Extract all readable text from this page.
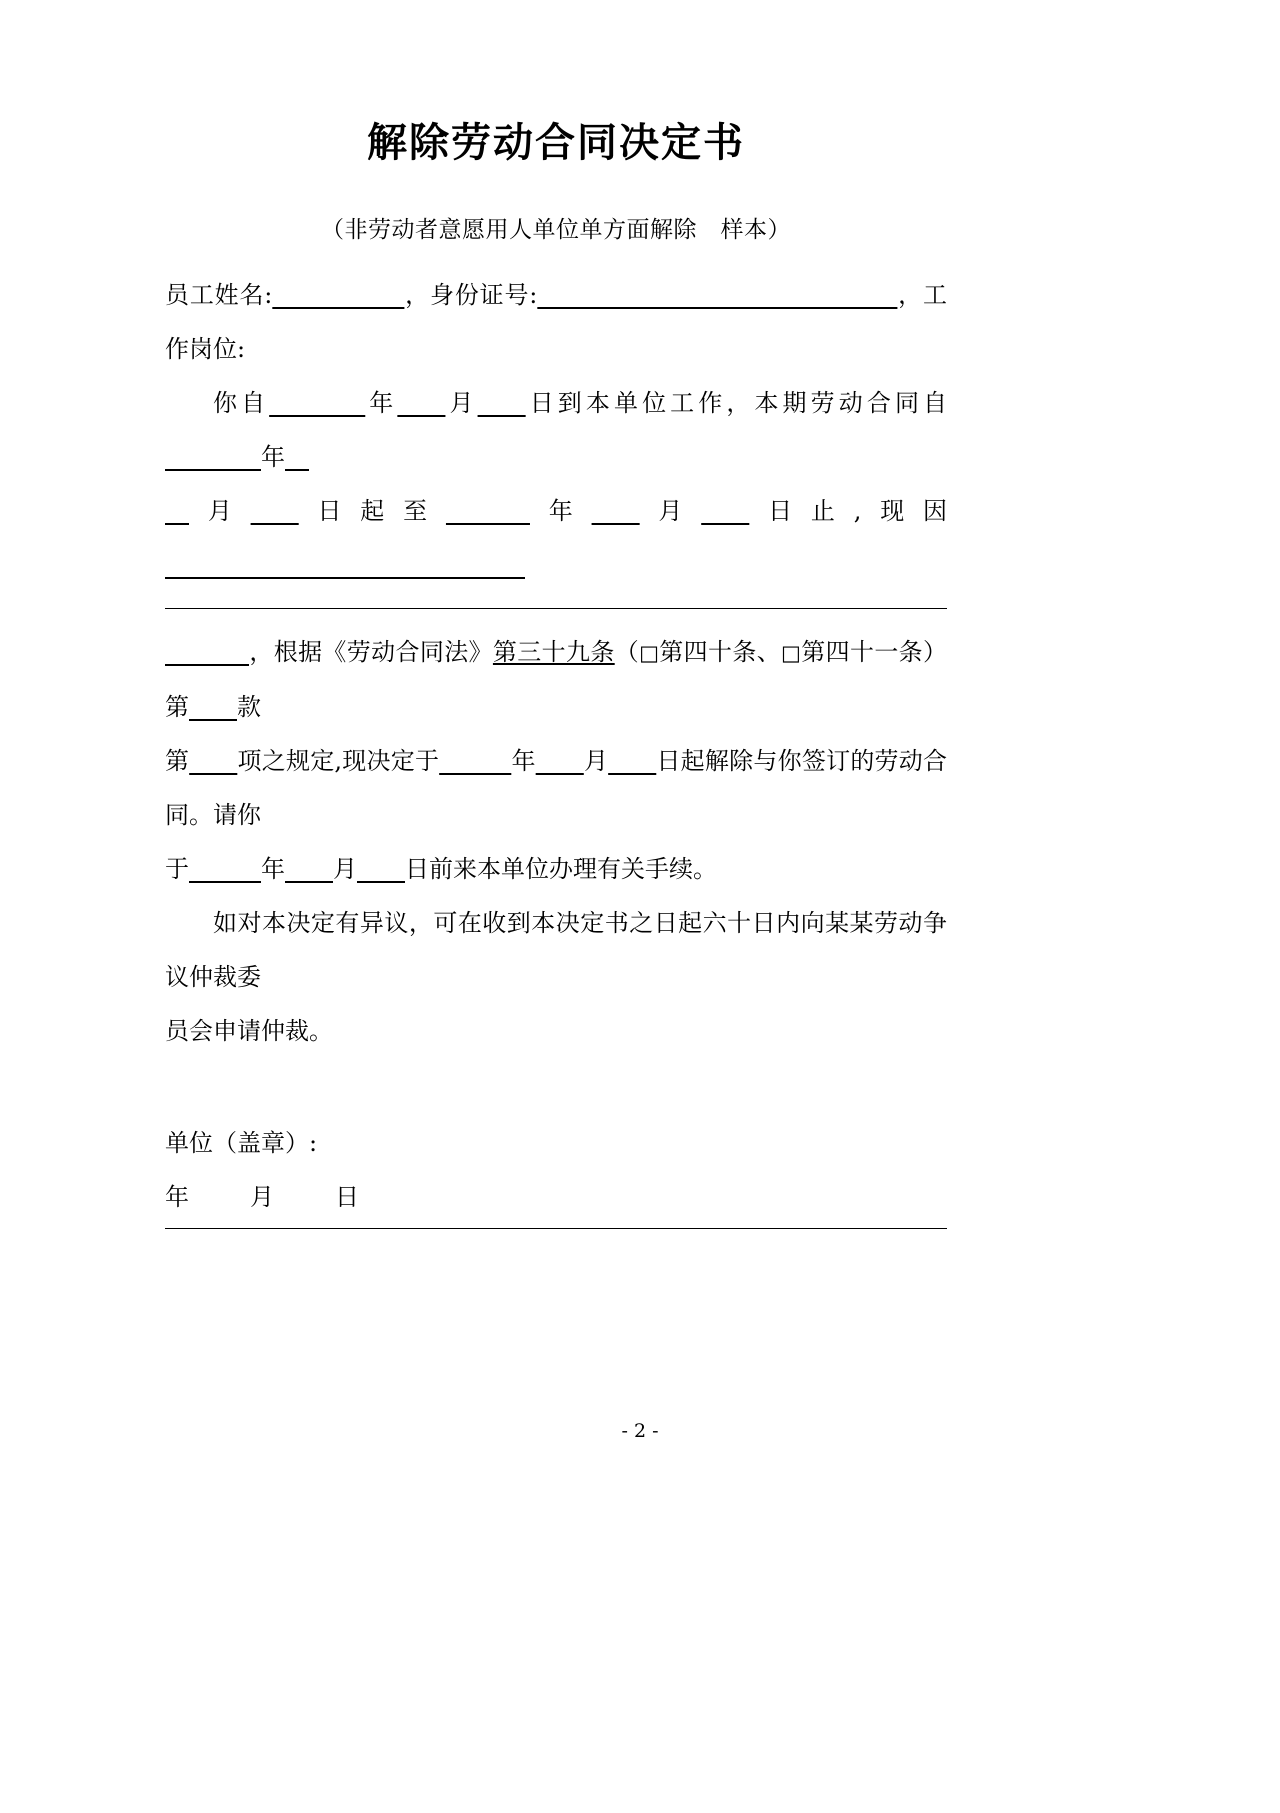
解除劳动合同决定书
（非劳动者意愿用人单位单方面解除　样本）

员工姓名:___________，身份证号:______________________________，工作岗位:

你自________年____月____日到本单位工作，本期劳动合同自________年__

__月____日起至_______年____月____日止,现因______________________________

_______，根据《劳动合同法》第三十九条（□第四十条、□第四十一条）第____款

第____项之规定,现决定于______年____月____日起解除与你签订的劳动合同。请你

于______年____月____日前来本单位办理有关手续。

如对本决定有异议，可在收到本决定书之日起六十日内向某某劳动争议仲裁委

员会申请仲裁。

单位（盖章）:

年        月        日

- 2 -
